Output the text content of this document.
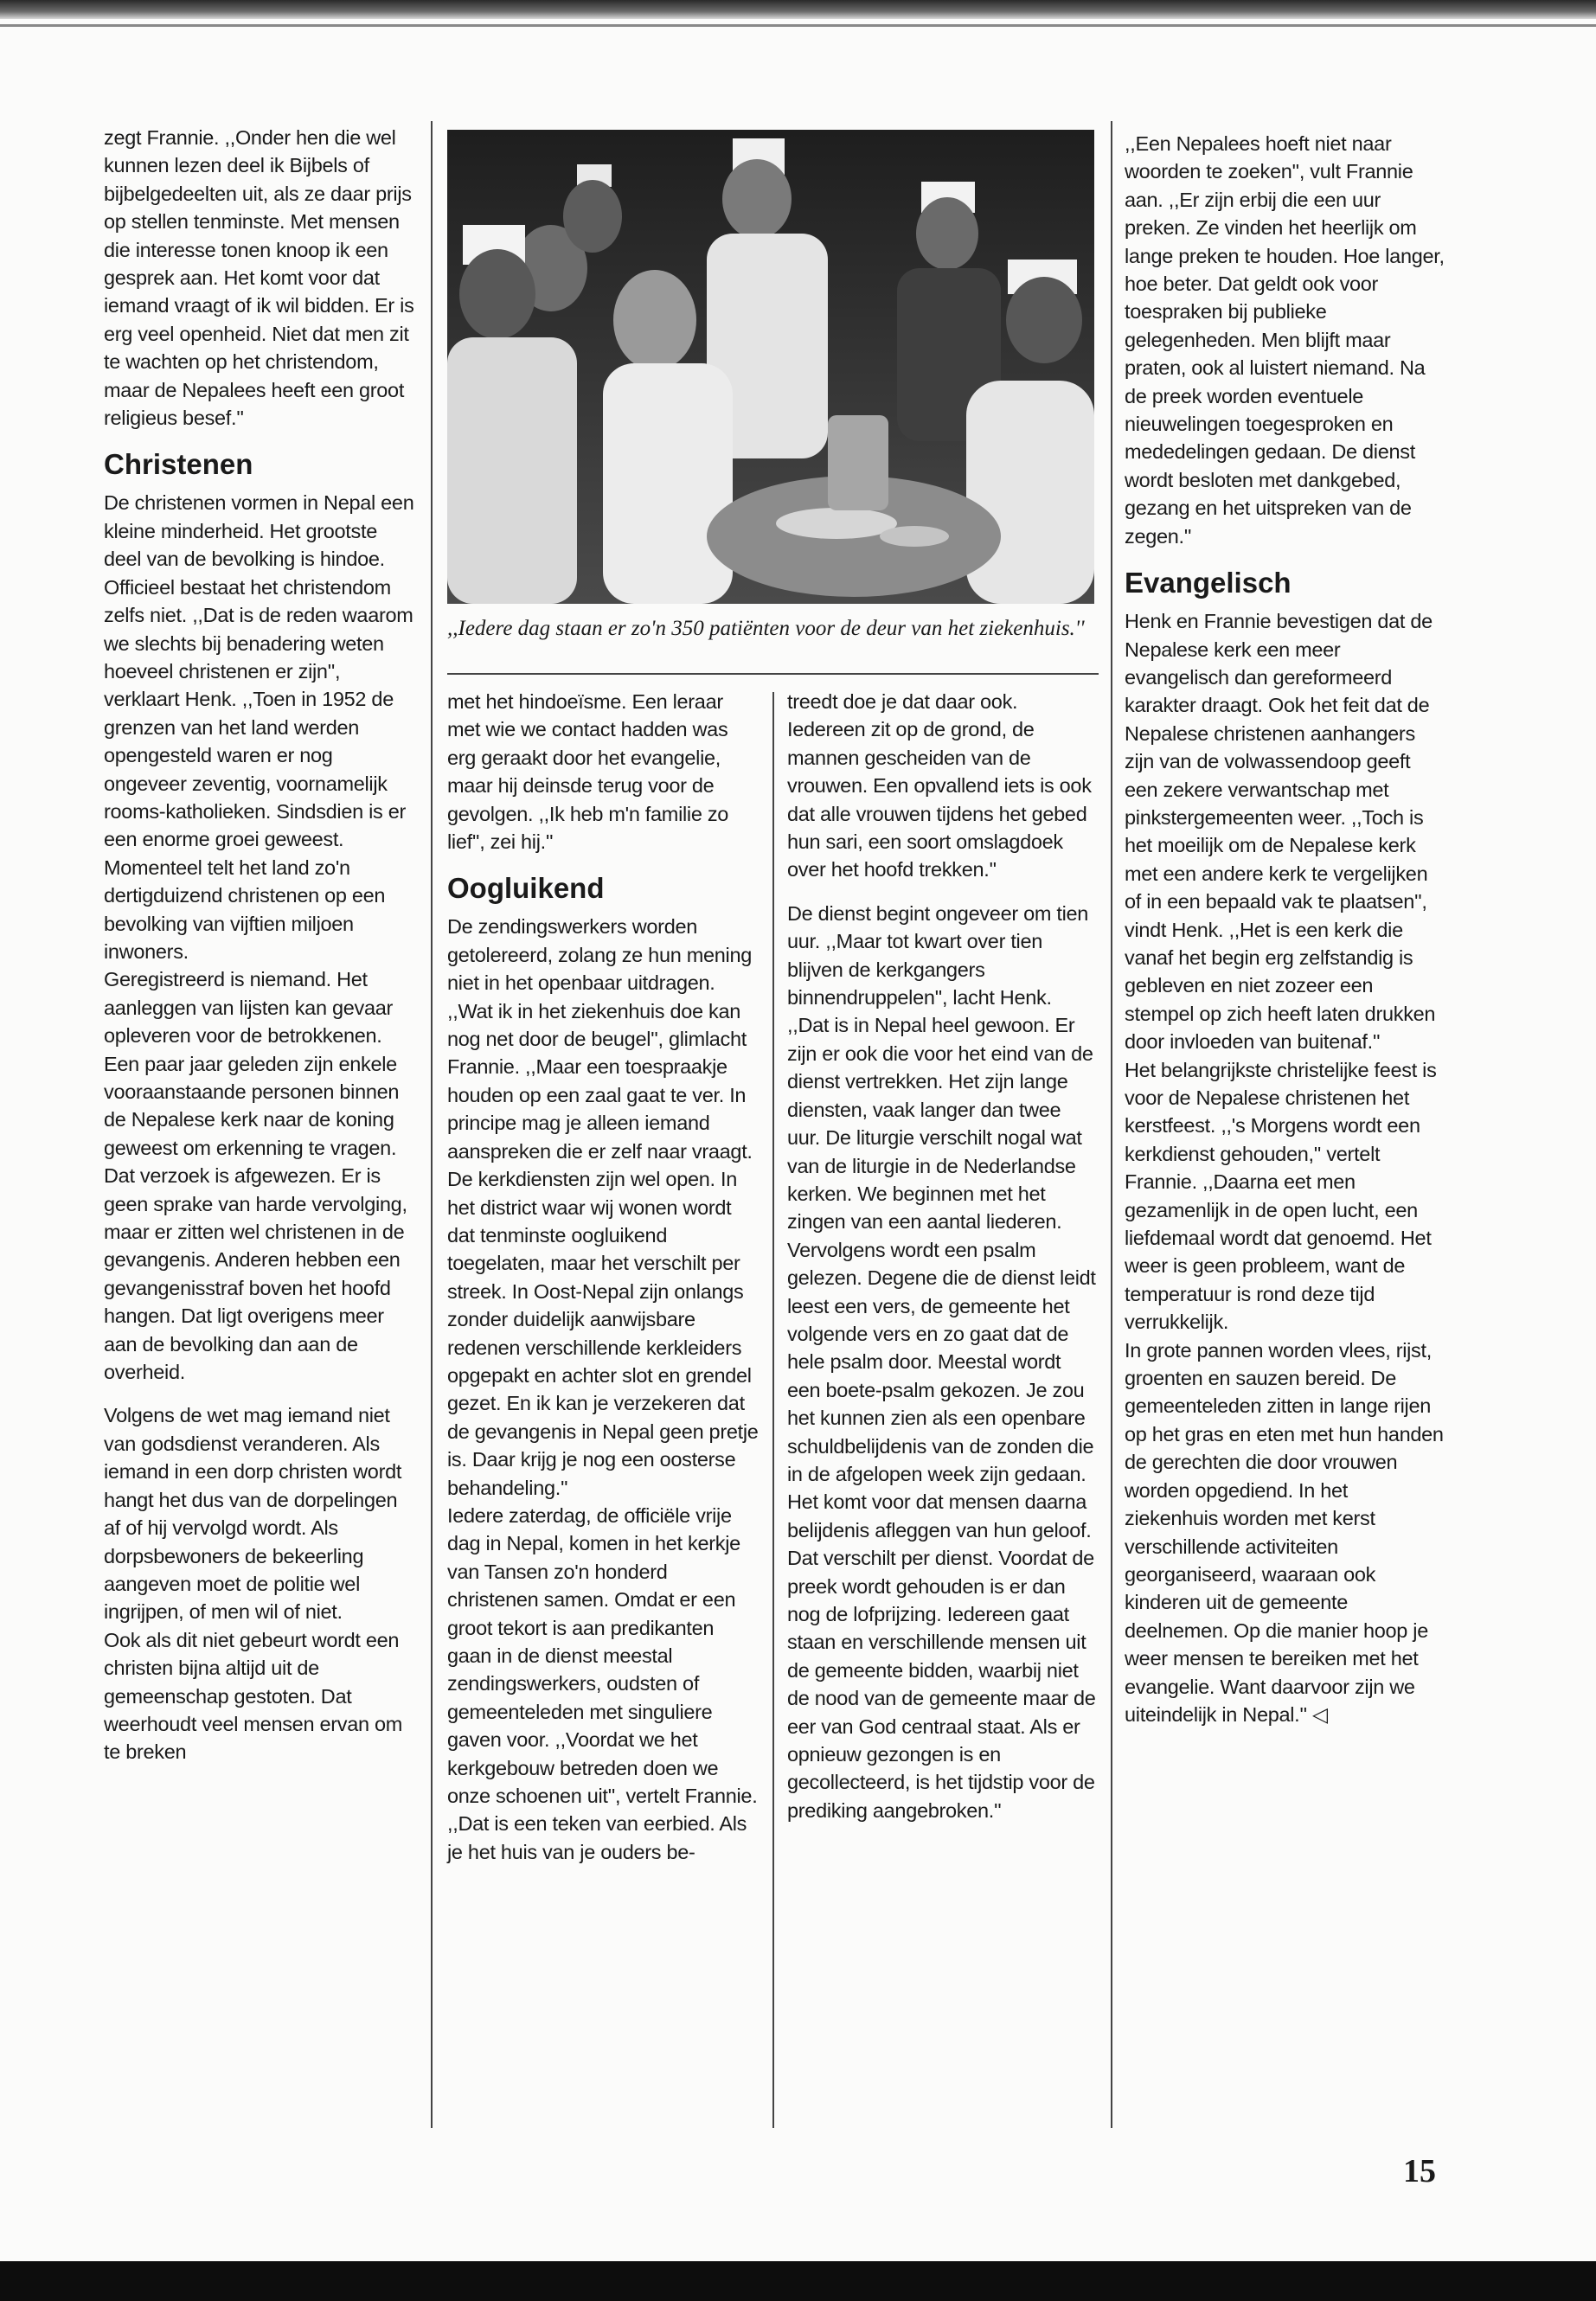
zegt Frannie. ,,Onder hen die wel kunnen lezen deel ik Bijbels of bijbelgedeelten uit, als ze daar prijs op stellen tenminste. Met mensen die interesse tonen knoop ik een gesprek aan. Het komt voor dat iemand vraagt of ik wil bidden. Er is erg veel openheid. Niet dat men zit te wachten op het christendom, maar de Nepalees heeft een groot religieus besef.''

Christenen

De christenen vormen in Nepal een kleine minderheid. Het grootste deel van de bevolking is hindoe. Officieel bestaat het christendom zelfs niet. ,,Dat is de reden waarom we slechts bij benadering weten hoeveel christenen er zijn'', verklaart Henk. ,,Toen in 1952 de grenzen van het land werden opengesteld waren er nog ongeveer zeventig, voornamelijk rooms-katholieken. Sindsdien is er een enorme groei geweest. Momenteel telt het land zo'n dertigduizend christenen op een bevolking van vijftien miljoen inwoners.

Geregistreerd is niemand. Het aanleggen van lijsten kan gevaar opleveren voor de betrokkenen. Een paar jaar geleden zijn enkele vooraanstaande personen binnen de Nepalese kerk naar de koning geweest om erkenning te vragen. Dat verzoek is afgewezen. Er is geen sprake van harde vervolging, maar er zitten wel christenen in de gevangenis. Anderen hebben een gevangenisstraf boven het hoofd hangen. Dat ligt overigens meer aan de bevolking dan aan de overheid.

Volgens de wet mag iemand niet van godsdienst veranderen. Als iemand in een dorp christen wordt hangt het dus van de dorpelingen af of hij vervolgd wordt. Als dorpsbewoners de bekeerling aangeven moet de politie wel ingrijpen, of men wil of niet.

Ook als dit niet gebeurt wordt een christen bijna altijd uit de gemeenschap gestoten. Dat weerhoudt veel mensen ervan om te breken

,,Iedere dag staan er zo'n 350 patiënten voor de deur van het ziekenhuis.''

met het hindoeïsme. Een leraar met wie we contact hadden was erg geraakt door het evangelie, maar hij deinsde terug voor de gevolgen. ,,Ik heb m'n familie zo lief'', zei hij.''

Oogluikend

De zendingswerkers worden getolereerd, zolang ze hun mening niet in het openbaar uitdragen. ,,Wat ik in het ziekenhuis doe kan nog net door de beugel'', glimlacht Frannie. ,,Maar een toespraakje houden op een zaal gaat te ver. In principe mag je alleen iemand aanspreken die er zelf naar vraagt. De kerkdiensten zijn wel open. In het district waar wij wonen wordt dat tenminste oogluikend toegelaten, maar het verschilt per streek. In Oost-Nepal zijn onlangs zonder duidelijk aanwijsbare redenen verschillende kerkleiders opgepakt en achter slot en grendel gezet. En ik kan je verzekeren dat de gevangenis in Nepal geen pretje is. Daar krijg je nog een oosterse behandeling.''

Iedere zaterdag, de officiële vrije dag in Nepal, komen in het kerkje van Tansen zo'n honderd christenen samen. Omdat er een groot tekort is aan predikanten gaan in de dienst meestal zendingswerkers, oudsten of gemeenteleden met singuliere gaven voor. ,,Voordat we het kerkgebouw betreden doen we onze schoenen uit'', vertelt Frannie. ,,Dat is een teken van eerbied. Als je het huis van je ouders be-

treedt doe je dat daar ook. Iedereen zit op de grond, de mannen gescheiden van de vrouwen. Een opvallend iets is ook dat alle vrouwen tijdens het gebed hun sari, een soort omslagdoek over het hoofd trekken.''

De dienst begint ongeveer om tien uur. ,,Maar tot kwart over tien blijven de kerkgangers binnendruppelen'', lacht Henk. ,,Dat is in Nepal heel gewoon. Er zijn er ook die voor het eind van de dienst vertrekken. Het zijn lange diensten, vaak langer dan twee uur. De liturgie verschilt nogal wat van de liturgie in de Nederlandse kerken. We beginnen met het zingen van een aantal liederen. Vervolgens wordt een psalm gelezen. Degene die de dienst leidt leest een vers, de gemeente het volgende vers en zo gaat dat de hele psalm door. Meestal wordt een boete-psalm gekozen. Je zou het kunnen zien als een openbare schuldbelijdenis van de zonden die in de afgelopen week zijn gedaan.

Het komt voor dat mensen daarna belijdenis afleggen van hun geloof. Dat verschilt per dienst. Voordat de preek wordt gehouden is er dan nog de lofprijzing. Iedereen gaat staan en verschillende mensen uit de gemeente bidden, waarbij niet de nood van de gemeente maar de eer van God centraal staat. Als er opnieuw gezongen is en gecollecteerd, is het tijdstip voor de prediking aangebroken.''

,,Een Nepalees hoeft niet naar woorden te zoeken'', vult Frannie aan. ,,Er zijn erbij die een uur preken. Ze vinden het heerlijk om lange preken te houden. Hoe langer, hoe beter. Dat geldt ook voor toespraken bij publieke gelegenheden. Men blijft maar praten, ook al luistert niemand. Na de preek worden eventuele nieuwelingen toegesproken en mededelingen gedaan. De dienst wordt besloten met dankgebed, gezang en het uitspreken van de zegen.''

Evangelisch

Henk en Frannie bevestigen dat de Nepalese kerk een meer evangelisch dan gereformeerd karakter draagt. Ook het feit dat de Nepalese christenen aanhangers zijn van de volwassendoop geeft een zekere verwantschap met pinkstergemeenten weer. ,,Toch is het moeilijk om de Nepalese kerk met een andere kerk te vergelijken of in een bepaald vak te plaatsen'', vindt Henk. ,,Het is een kerk die vanaf het begin erg zelfstandig is gebleven en niet zozeer een stempel op zich heeft laten drukken door invloeden van buitenaf.''

Het belangrijkste christelijke feest is voor de Nepalese christenen het kerstfeest. ,,'s Morgens wordt een kerkdienst gehouden,'' vertelt Frannie. ,,Daarna eet men gezamenlijk in de open lucht, een liefdemaal wordt dat genoemd. Het weer is geen probleem, want de temperatuur is rond deze tijd verrukkelijk.

In grote pannen worden vlees, rijst, groenten en sauzen bereid. De gemeenteleden zitten in lange rijen op het gras en eten met hun handen de gerechten die door vrouwen worden opgediend. In het ziekenhuis worden met kerst verschillende activiteiten georganiseerd, waaraan ook kinderen uit de gemeente deelnemen. Op die manier hoop je weer mensen te bereiken met het evangelie. Want daarvoor zijn we uiteindelijk in Nepal.'' ◁

15
